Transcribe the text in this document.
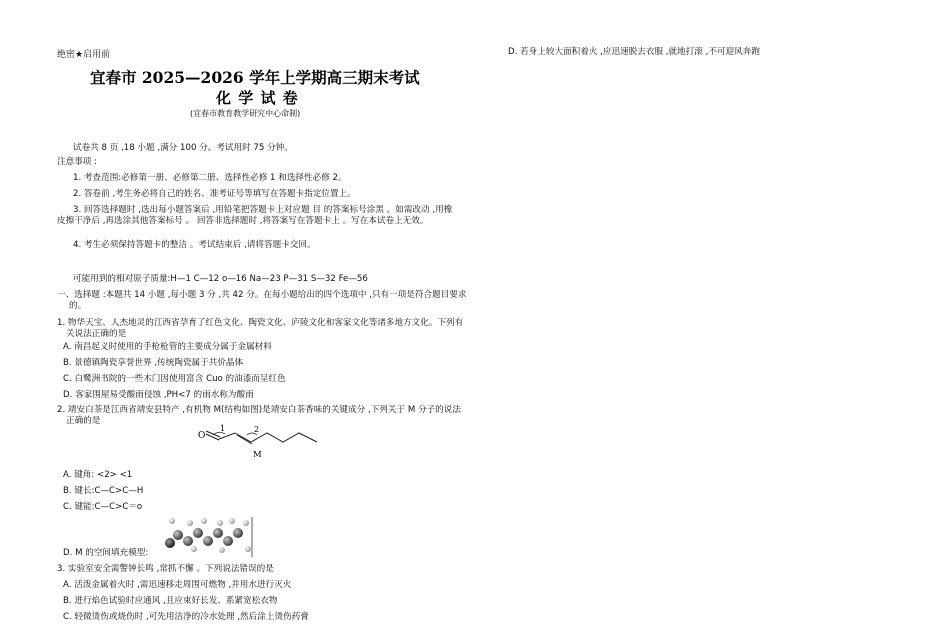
绝密★启用前
宜春市 2025—2026 学年上学期高三期末考试
化 学 试 卷
(宜春市教育教学研究中心命制)
试卷共 8 页 ,18 小题 ,满分 100 分。考试用时 75 分钟。
注意事项 :
1. 考查范围:必修第一册、必修第二册、选择性必修 1 和选择性必修 2。
2. 答卷前 ,考生务必将自己的姓名、准考证号等填写在答题卡指定位置上。
3. 回答选择题时 ,选出每小题答案后 ,用铅笔把答题卡上对应题 目 的答案标号涂黑 。如需改动 ,用橡皮擦干净后 ,再选涂其他答案标号 。 回答非选择题时 ,将答案写在答题卡上 。写在本试卷上无效。
4. 考生必须保持答题卡的整洁 。考试结束后 ,请将答题卡交回。
可能用到的相对原子质量:H—1 C—12 o—16 Na—23 P—31 S—32 Fe—56
一、选择题 :本题共 14 小题 ,每小题 3 分 ,共 42 分。在每小题给出的四个选项中 ,只有一项是符合题目要求的。
1. 物华天宝、人杰地灵的江西省孕育了红色文化、陶瓷文化、庐陵文化和客家文化等诸多地方文化。下列有关说法正确的是
A. 南昌起义时使用的手枪枪管的主要成分属于金属材料
B. 景德镇陶瓷享誉世界 ,传统陶瓷属于共价晶体
C. 白鹭洲书院的一些木门因使用富含 Cuo 的油漆而呈红色
D. 客家围屋易受酸雨侵蚀 ,PH<7 的雨水称为酸雨
2. 靖安白茶是江西省靖安县特产 ,有机物 M(结构如图)是靖安白茶香味的关键成分 ,下列关于 M 分子的说法正确的是
O
1	2
M
A. 键角: <2> <1
B. 键长:C—C>C—H
C. 键能:C—C>C＝o
D. M 的空间填充模型:
3. 实验室安全需警钟长鸣 ,常抓不懈 。下列说法错误的是
A. 活泼金属着火时 ,需迅速移走周围可燃物 ,并用水进行灭火
B. 进行焰色试验时应通风 ,且应束好长发、系紧宽松衣物
C. 轻微烫伤或烧伤时 ,可先用洁净的冷水处理 ,然后涂上烫伤药膏
D. 若身上较大面积着火 ,应迅速脱去衣服 ,就地打滚 ,不可迎风奔跑
